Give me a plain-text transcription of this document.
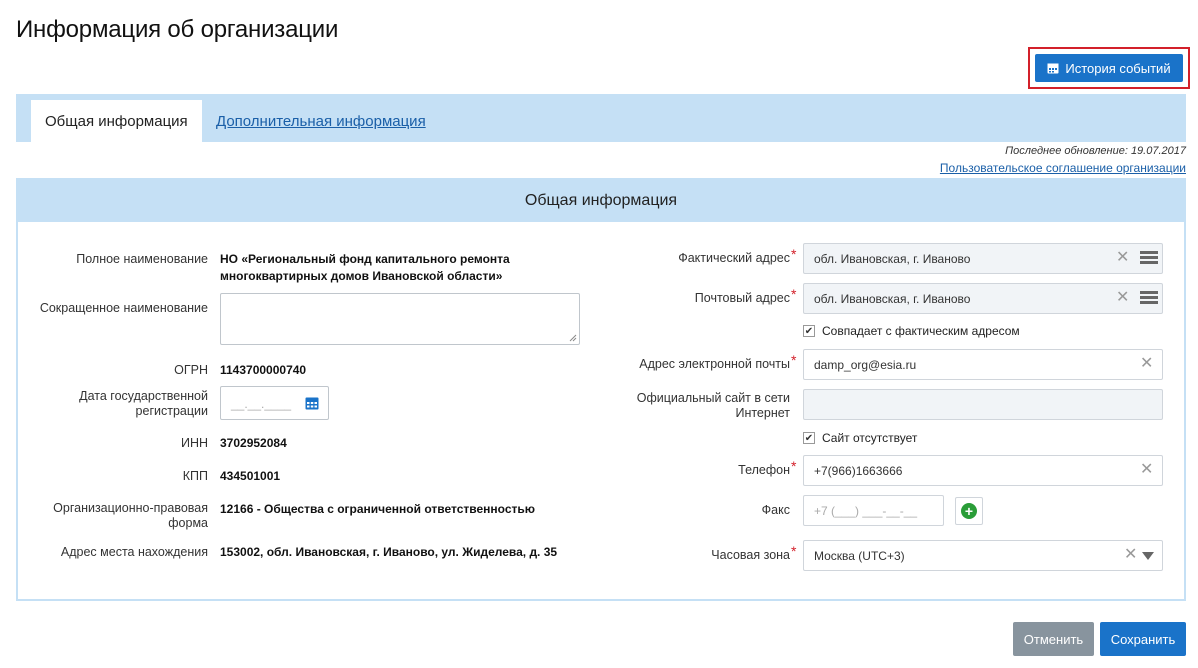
Информация об организации
История событий
Общая информация	Дополнительная информация
Последнее обновление: 19.07.2017
Пользовательское соглашение организации
Общая информация
Полное наименование НО «Региональный фонд капитального ремонта
многоквартирных домов Ивановской области»
Сокращенное наименование
ОГРН 1143700000740
Дата государственной
регистрации	__.__.____
ИНН 3702952084
КПП 434501001
Организационно-правовая
форма
12166 - Общества с ограниченной ответственностью
Адрес места нахождения 153002, обл. Ивановская, г. Иваново, ул. Жиделева, д. 35
Фактический адрес * обл. Ивановская, г. Иваново	✕
Почтовый адрес * обл. Ивановская, г. Иваново	✕
✔ Совпадает с фактическим адресом
Адрес электронной почты * damp_org@esia.ru	✕
Официальный сайт в сети
Интернет
✔ Сайт отсутствует
Телефон * +7(966)1663666	✕
Факс +7 (___) ___-__-__	+
Часовая зона * Москва (UTC+3)	✕
Отменить	Сохранить
